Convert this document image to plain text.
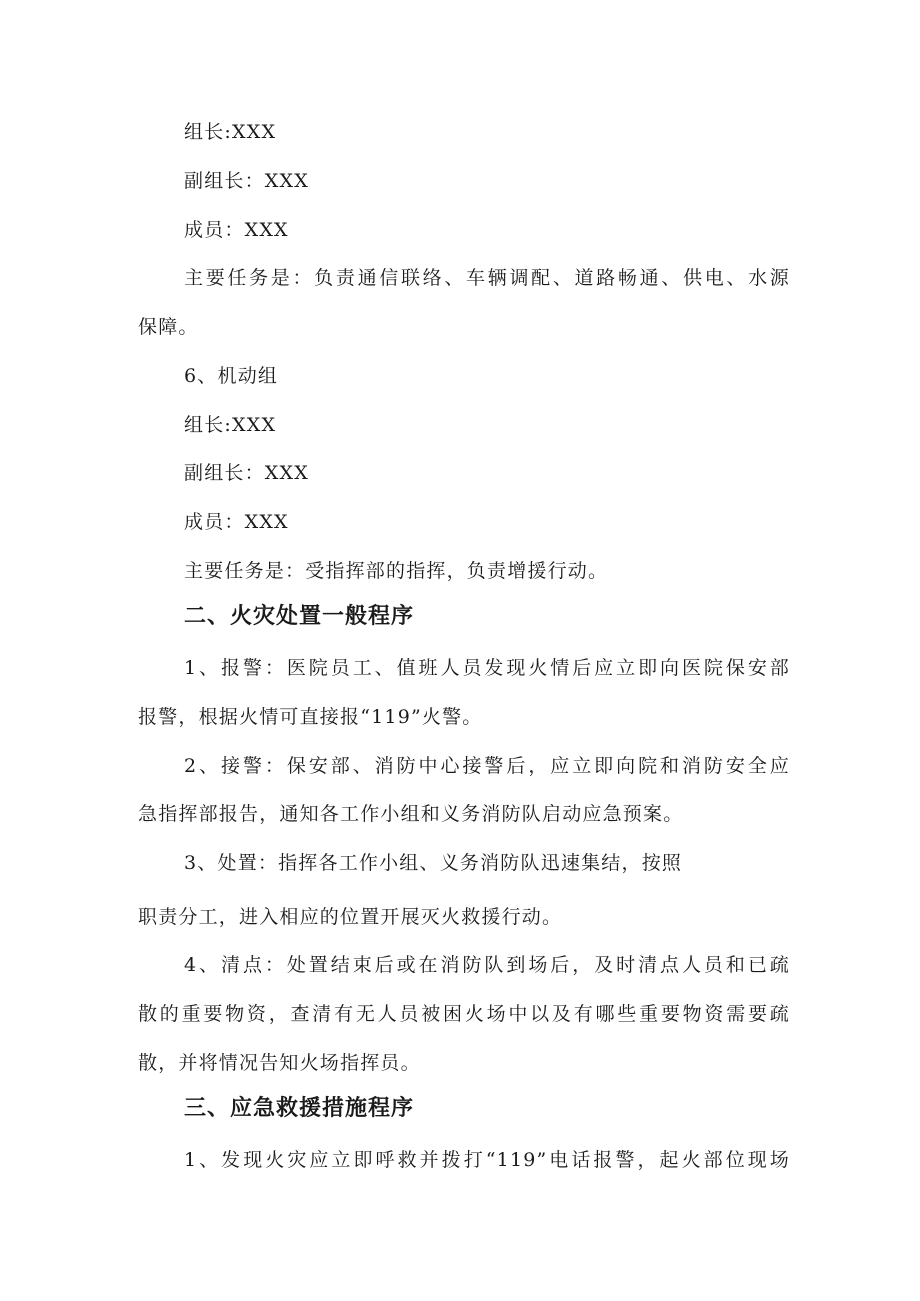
组长:XXX
副组长：XXX
成员：XXX
主要任务是：负责通信联络、车辆调配、道路畅通、供电、水源
保障。
6、机动组
组长:XXX
副组长：XXX
成员：XXX
主要任务是：受指挥部的指挥，负责增援行动。
二、火灾处置一般程序
1、报警：医院员工、值班人员发现火情后应立即向医院保安部
报警，根据火情可直接报“119”火警。
2、接警：保安部、消防中心接警后，应立即向院和消防安全应
急指挥部报告，通知各工作小组和义务消防队启动应急预案。
3、处置：指挥各工作小组、义务消防队迅速集结，按照
职责分工，进入相应的位置开展灭火救援行动。
4、清点：处置结束后或在消防队到场后，及时清点人员和已疏
散的重要物资，查清有无人员被困火场中以及有哪些重要物资需要疏
散，并将情况告知火场指挥员。
三、应急救援措施程序
1、发现火灾应立即呼救并拨打“119”电话报警，起火部位现场
